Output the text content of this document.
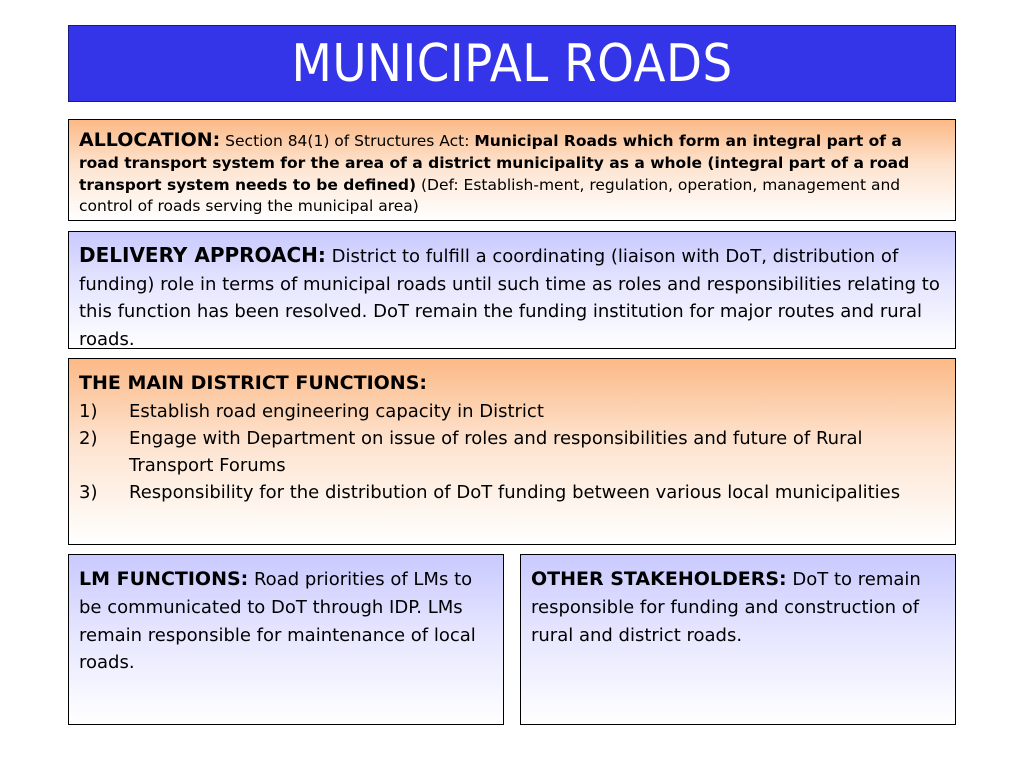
MUNICIPAL ROADS
ALLOCATION: Section 84(1) of Structures Act: Municipal Roads which form an integral part of a road transport system for the area of a district municipality as a whole (integral part of a road transport system needs to be defined) (Def: Establish-ment, regulation, operation, management and control of roads serving the municipal area)
DELIVERY APPROACH: District to fulfill a coordinating (liaison with DoT, distribution of funding) role in terms of municipal roads until such time as roles and responsibilities relating to this function has been resolved. DoT remain the funding institution for major routes and rural roads.
THE MAIN DISTRICT FUNCTIONS:
1)	Establish road engineering capacity in District
2)	Engage with Department on issue of roles and responsibilities and future of Rural Transport Forums
3)	Responsibility for the distribution of DoT funding between various local municipalities
LM FUNCTIONS: Road priorities of LMs to be communicated to DoT through IDP. LMs remain responsible for maintenance of local roads.
OTHER STAKEHOLDERS: DoT to remain responsible for funding and construction of rural and district roads.
